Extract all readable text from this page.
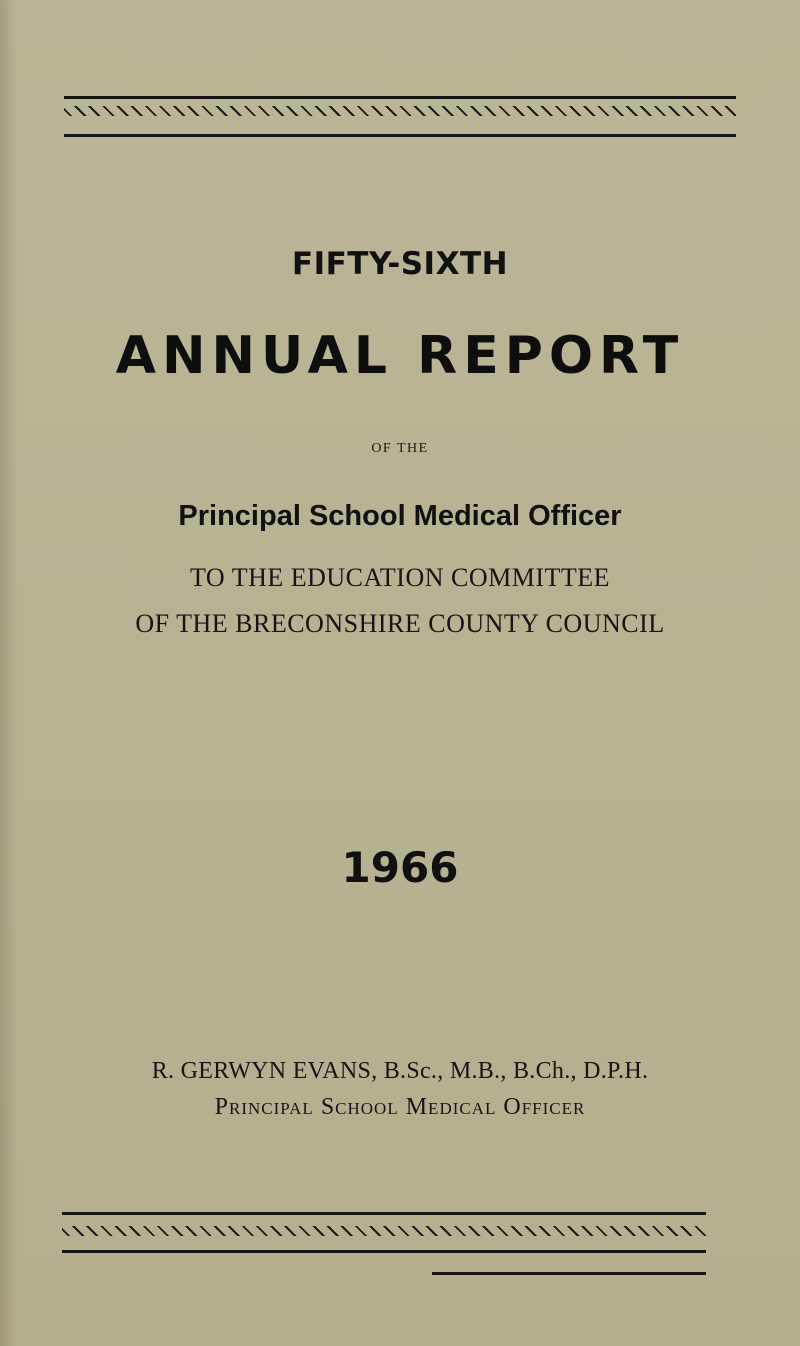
FIFTY-SIXTH
ANNUAL REPORT
OF THE
Principal School Medical Officer
TO THE EDUCATION COMMITTEE
OF THE BRECONSHIRE COUNTY COUNCIL
1966
R. GERWYN EVANS, B.Sc., M.B., B.Ch., D.P.H.
Principal School Medical Officer
